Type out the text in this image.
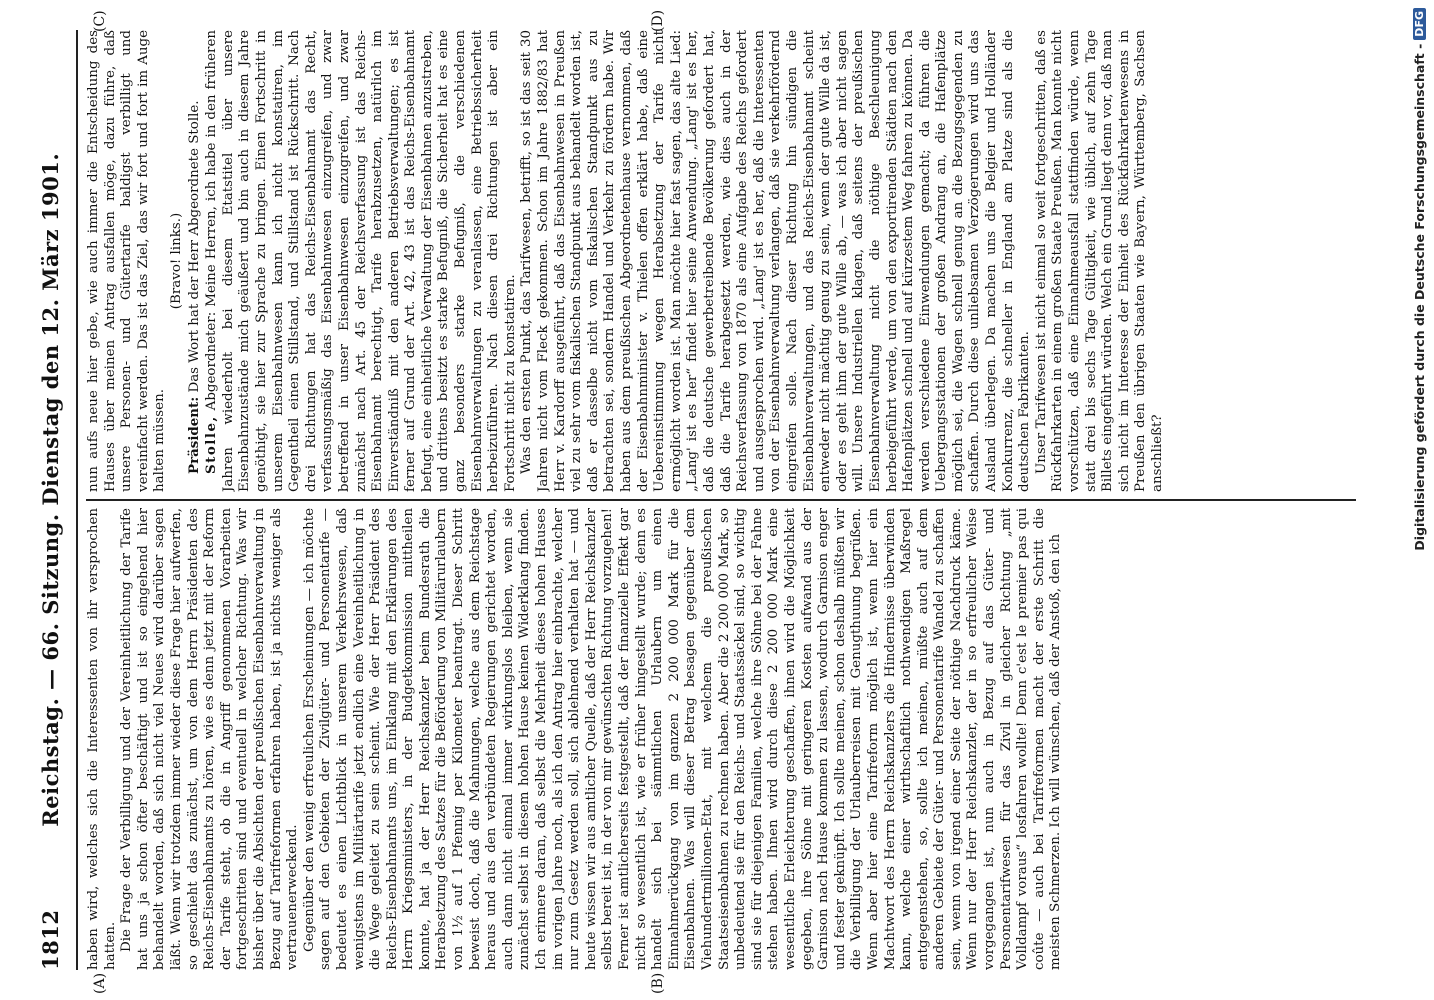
1812
Reichstag. — 66. Sitzung. Dienstag den 12. März 1901. haben wird, welches sich die Interessenten von ihr versprochen hatten. Die Frage der Verbilligung und der Vereinheitlichung der Tarife hat uns ja schon öfter beschäftigt und ist so eingehend hier behandelt worden, daß sich nicht viel Neues wird darüber sagen läßt. Wenn wir trotzdem immer wieder diese Frage hier aufwerfen, so geschieht das zunächst, um von dem Herrn Präsidenten des Reichs-Eisenbahnamts zu hören, wie es denn jetzt mit der Reform der Tarife steht, ob die in Angriff genommenen Vorarbeiten fortgeschritten sind und eventuell in welcher Richtung. Was wir bisher über die Absichten der preußischen Eisenbahnverwaltung in Bezug auf Tarifreformen erfahren haben, ist ja nichts weniger als vertrauenerweckend. Gegenüber den wenig erfreulichen Erscheinungen — ich möchte sagen auf den Gebieten der Zivilgüter- und Personentarife — bedeutet es einen Lichtblick in unserem Verkehrswesen, daß wenigstens im Militärtarife jetzt endlich eine Vereinheitlichung in die Wege geleitet zu sein scheint. Wie der Herr Präsident des Reichs-Eisenbahnamts uns, im Einklang mit den Erklärungen des Herrn Kriegsministers, in der Budgetkommission mittheilen konnte, hat ja der Herr Reichskanzler beim Bundesrath die Herabsetzung des Satzes für die Beförderung von Militärurlaubern von 1½ auf 1 Pfennig per Kilometer beantragt. Dieser Schritt beweist doch, daß die Mahnungen, welche aus dem Reichstage heraus und aus den verbündeten Regierungen gerichtet worden, auch dann nicht einmal immer wirkungslos bleiben, wenn sie zunächst selbst in diesem hohen Hause keinen Widerklang finden. Ich erinnere daran, daß selbst die Mehrheit dieses hohen Hauses im vorigen Jahre noch, als ich den Antrag hier einbrachte, welcher nur zum Gesetz werden soll, sich ablehnend verhalten hat — und heute wissen wir aus amtlicher Quelle, daß der Herr Reichskanzler selbst bereit ist, in der von mir gewünschten Richtung vorzugehen! Ferner ist amtlicherseits festgestellt, daß der finanzielle Effekt gar nicht so wesentlich ist, wie er früher hingestellt wurde; denn es handelt sich bei sämmtlichen Urlaubern um einen Einnahmerückgang von im ganzen 2 200 000 Mark für die Eisenbahnen. Was will dieser Betrag besagen gegenüber dem Viehundertmillionen-Etat, mit welchem die preußischen Staatseisenbahnen zu rechnen haben. Aber die 2 200 000 Mark, so unbedeutend sie für den Reichs- und Staatssäckel sind, so wichtig sind sie für diejenigen Familien, welche ihre Söhne bei der Fahne stehen haben. Ihnen wird durch diese 2 200 000 Mark eine wesentliche Erleichterung geschaffen, ihnen wird die Möglichkeit gegeben, ihre Söhne mit geringeren Kosten aufwand aus der Garnison nach Hause kommen zu lassen, wodurch Garnison enger und fester geknüpft. Ich sollte meinen, schon deshalb müßten wir die Verbilligung der Urlauberreisen mit Genugthuung begrüßen. Wenn aber hier eine Tarifreform möglich ist, wenn hier ein Machtwort des Herrn Reichskanzlers die Hindernisse überwinden kann, welche einer wirthschaftlich nothwendigen Maßregel entgegenstehen, so, sollte ich meinen, müßte auch auf dem anderen Gebiete der Güter- und Personentarife Wandel zu schaffen sein, wenn von irgend einer Seite der nöthige Nachdruck käme. Wenn nur der Herr Reichskanzler, der in so erfreulicher Weise vorgegangen ist, nun auch in Bezug auf das Güter- und Personentarifwesen für das Zivil in gleicher Richtung „mit Volldampf voraus“ losfahren wollte! Denn c'est le premier pas qui coûte — auch bei Tarifreformen macht der erste Schritt die meisten Schmerzen. Ich will wünschen, daß der Anstoß, den ich

nun aufs neue hier gebe, wie auch immer die Entscheidung des Hauses über meinen Antrag ausfallen möge, dazu führe, daß unsere Personen- und Gütertarife baldigst verbilligt und vereinfacht werden. Das ist das Ziel, das wir fort und fort im Auge halten müssen.

(Bravo! links.)

Präsident: Das Wort hat der Herr Abgeordnete Stolle.

Stolle, Abgeordneter: Meine Herren, ich habe in den früheren Jahren wiederholt bei diesem Etatstitel über unsere Eisenbahnzustände mich geäußert und bin auch in diesem Jahre genöthigt, sie hier zur Sprache zu bringen. Einen Fortschritt in unserem Eisenbahnwesen kann ich nicht konstatiren, im Gegentheil einen Stillstand, und Stillstand ist Rückschritt. Nach drei Richtungen hat das Reichs-Eisenbahnamt das Recht, verfassungsmäßig das Eisenbahnwesen einzugreifen, und zwar betreffend in unser Eisenbahnwesen einzugreifen, und zwar zunächst nach Art. 45 der Reichsverfassung ist das Reichs-Eisenbahnamt berechtigt, Tarife herabzusetzen, natürlich im Einverständniß mit den anderen Betriebsverwaltungen; es ist ferner auf Grund der Art. 42, 43 ist das Reichs-Eisenbahnamt befugt, eine einheitliche Verwaltung der Eisenbahnen anzustreben, und drittens besitzt es starke Befugniß, die Sicherheit hat es eine ganz besonders starke Befugniß, die verschiedenen Eisenbahnverwaltungen zu veranlassen, eine Betriebssicherheit herbeizuführen. Nach diesen drei Richtungen ist aber ein Fortschritt nicht zu konstatiren. Was den ersten Punkt, das Tarifwesen, betrifft, so ist das seit 30 Jahren nicht vom Fleck gekommen. Schon im Jahre 1882/83 hat Herr v. Kardorff ausgeführt, daß das Eisenbahnwesen in Preußen viel zu sehr vom fiskalischen Standpunkt aus behandelt worden ist, daß er dasselbe nicht vom fiskalischen Standpunkt aus zu betrachten sei, sondern Handel und Verkehr zu fördern habe. Wir haben aus dem preußischen Abgeordnetenhause vernommen, daß der Eisenbahnminister v. Thielen offen erklärt habe, daß eine Uebereinstimmung wegen Herabsetzung der Tarife nicht ermöglicht worden ist. Man möchte hier fast sagen, das alte Lied: „Lang' ist es her“ findet hier seine Anwendung. „Lang' ist es her, daß die deutsche gewerbetreibende Bevölkerung gefordert hat, daß die Tarife herabgesetzt werden, wie dies auch in der Reichsverfassung von 1870 als eine Aufgabe des Reichs gefordert und ausgesprochen wird. „Lang' ist es her, daß die Interessenten von der Eisenbahnverwaltung verlangen, daß sie verkehrfördernd eingreifen solle. Nach dieser Richtung hin sündigen die Eisenbahnverwaltungen, und das Reichs-Eisenbahnamt scheint entweder nicht mächtig genug zu sein, wenn der gute Wille da ist, oder es geht ihm der gute Wille ab, — was ich aber nicht sagen will. Unsere Industriellen klagen, daß seitens der preußischen Eisenbahnverwaltung nicht die nöthige Beschleunigung herbeigeführt werde, um von den exportirenden Städten nach den Hafenplätzen schnell und auf kürzestem Weg fahren zu können. Da werden verschiedene Einwendungen gemacht; da führen die Uebergangsstationen der großen Andrang an, die Hafenplätze möglich sei, die Wagen schnell genug an die Bezugsgegenden zu schaffen. Durch diese unliebsamen Verzögerungen wird uns das Ausland überlegen. Da machen uns die Belgier und Holländer Konkurrenz, die schneller in England am Platze sind als die deutschen Fabrikanten. Unser Tarifwesen ist nicht einmal so weit fortgeschritten, daß es Rückfahrkarten in einem großen Staate Preußen. Man konnte nicht vorschützen, daß eine Einnahmeausfall stattfinden würde, wenn statt drei bis sechs Tage Gültigkeit, wie üblich, auf zehn Tage Billets eingeführt würden. Welch ein Grund liegt denn vor, daß man sich nicht im Interesse der Einheit des Rückfahrkartenwesens in Preußen den übrigen Staaten wie Bayern, Württemberg, Sachsen anschließt?

(A)	(B)
(C)	(D)
Digitalisierung gefördert durch die Deutsche Forschungsgemeinschaft -
DFG
